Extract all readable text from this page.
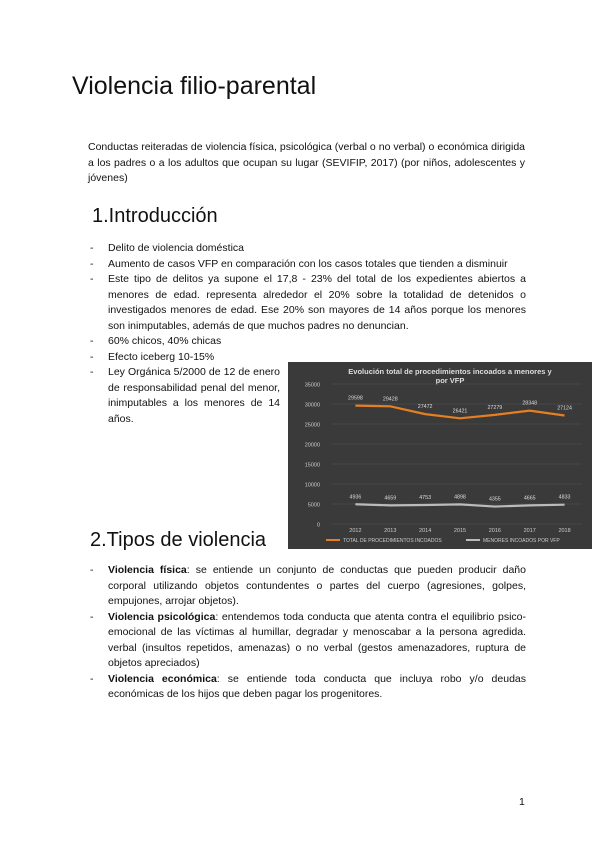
Violencia filio-parental

Conductas reiteradas de violencia física, psicológica (verbal o no verbal) o económica dirigida a los padres o a los adultos que ocupan su lugar (SEVIFIP, 2017) (por niños, adolescentes y jóvenes)

1.Introducción
- Delito de violencia doméstica
- Aumento de casos VFP en comparación con los casos totales que tienden a disminuir
- Este tipo de delitos ya supone el 17,8 - 23% del total de los expedientes abiertos a menores de edad. representa alrededor el 20% sobre la totalidad de detenidos o investigados menores de edad. Ese 20% son mayores de 14 años porque los menores son inimputables, además de que muchos padres no denuncian.
- 60% chicos, 40% chicas
- Efecto iceberg 10-15%
- Ley Orgánica 5/2000 de 12 de enero de responsabilidad penal del menor, inimputables a los menores de 14 años.
Evolución total de procedimientos incoados a menores y
por VFP
0
5000
10000
15000
20000
25000
30000
35000
2012	2013	2014	2015	2016	2017	2018
29598	29428
27472
26421
27279
28348
27124
4936	4659	4753	4898	4355	4665	4833
TOTAL DE PROCEDIMIENTOS INCOADOS	MENORES INCOADOS POR VFP
2.Tipos de violencia
- Violencia física: se entiende un conjunto de conductas que pueden producir daño corporal utilizando objetos contundentes o partes del cuerpo (agresiones, golpes, empujones, arrojar objetos).
- Violencia psicológica: entendemos toda conducta que atenta contra el equilibrio psico-emocional de las víctimas al humillar, degradar y menoscabar a la persona agredida. verbal (insultos repetidos, amenazas) o no verbal (gestos amenazadores, ruptura de objetos apreciados)
- Violencia económica: se entiende toda conducta que incluya robo y/o deudas económicas de los hijos que deben pagar los progenitores.
1
